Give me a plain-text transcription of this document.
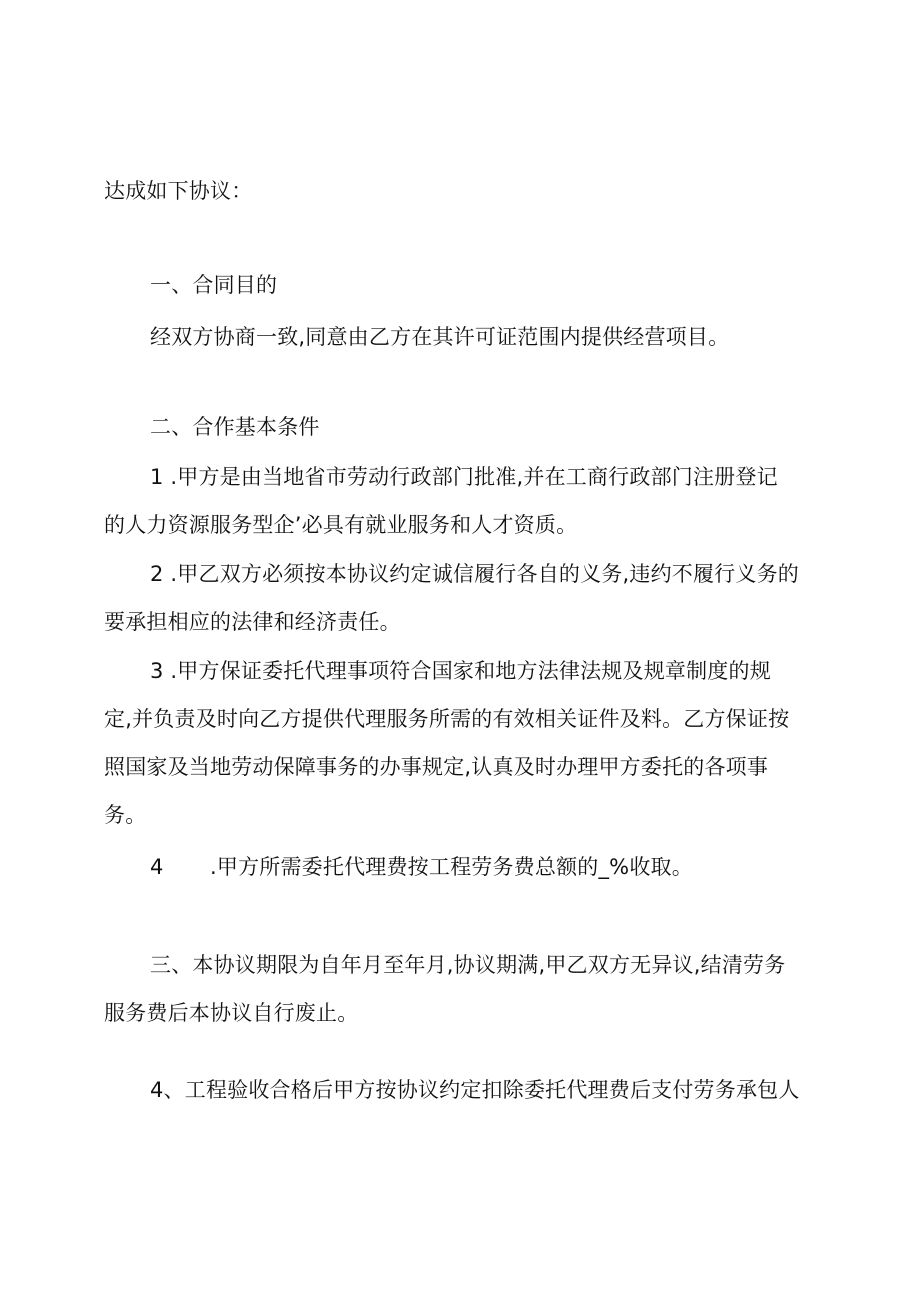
达成如下协议：
一、合同目的
经双方协商一致,同意由乙方在其许可证范围内提供经营项目。
二、合作基本条件
1 .甲方是由当地省市劳动行政部门批准,并在工商行政部门注册登记
的人力资源服务型企’必具有就业服务和人才资质。
2 .甲乙双方必须按本协议约定诚信履行各自的义务,违约不履行义务的
要承担相应的法律和经济责任。
3 .甲方保证委托代理事项符合国家和地方法律法规及规章制度的规
定,并负责及时向乙方提供代理服务所需的有效相关证件及料。乙方保证按
照国家及当地劳动保障事务的办事规定,认真及时办理甲方委托的各项事
务。
4 .甲方所需委托代理费按工程劳务费总额的_%收取。
三、本协议期限为自年月至年月,协议期满,甲乙双方无异议,结清劳务
服务费后本协议自行废止。
4、工程验收合格后甲方按协议约定扣除委托代理费后支付劳务承包人
